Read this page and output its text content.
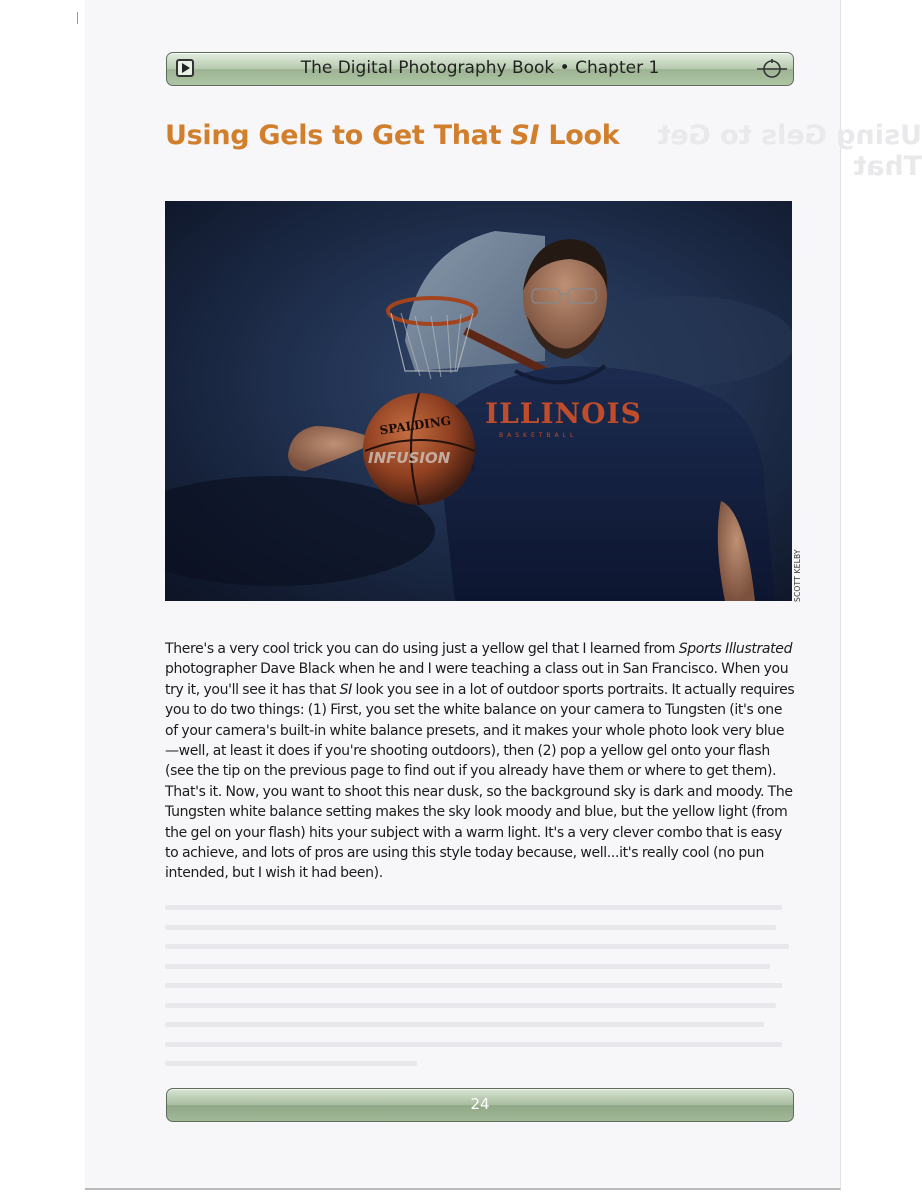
The Digital Photography Book • Chapter 1
Using Gels to Get That
Using Gels to Get That SI Look
ILLINOIS
BASKETBALL
SPALDING
INFUSION
SCOTT KELBY
There's a very cool trick you can do using just a yellow gel that I learned from Sports Illustrated photographer Dave Black when he and I were teaching a class out in San Francisco. When you try it, you'll see it has that SI look you see in a lot of outdoor sports portraits. It actually requires you to do two things: (1) First, you set the white balance on your camera to Tungsten (it's one of your camera's built-in white balance presets, and it makes your whole photo look very blue—well, at least it does if you're shooting outdoors), then (2) pop a yellow gel onto your flash (see the tip on the previous page to find out if you already have them or where to get them). That's it. Now, you want to shoot this near dusk, so the background sky is dark and moody. The Tungsten white balance setting makes the sky look moody and blue, but the yellow light (from the gel on your flash) hits your subject with a warm light. It's a very clever combo that is easy to achieve, and lots of pros are using this style today because, well...it's really cool (no pun intended, but I wish it had been).
24
